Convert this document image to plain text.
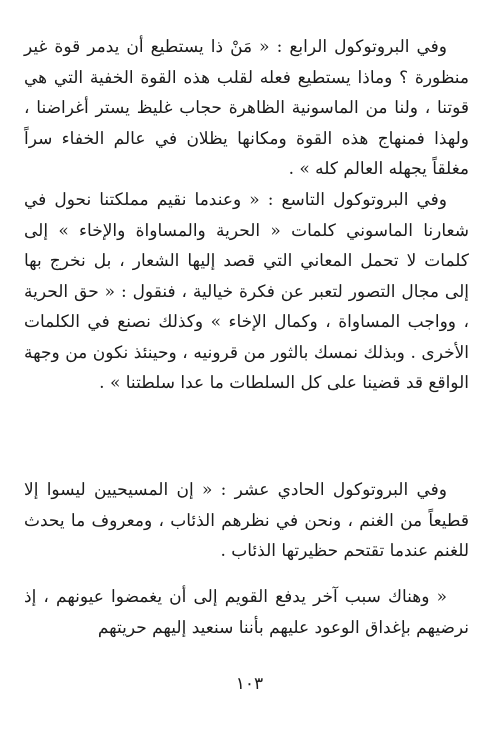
وفي البروتوكول الرابع : « مَنْ ذا يستطيع أن يدمر قوة غير منظورة ؟ وماذا يستطيع فعله لقلب هذه القوة الخفية التي هي قوتنا ، ولنا من الماسونية الظاهرة حجاب غليظ يستر أغراضنا ، ولهذا فمنهاج هذه القوة ومكانها يظلان في عالم الخفاء سراً مغلقاً يجهله العالم كله » .

وفي البروتوكول التاسع : « وعندما نقيم مملكتنا نحول في شعارنا الماسوني كلمات « الحرية والمساواة والإخاء » إلى كلمات لا تحمل المعاني التي قصد إليها الشعار ، بل نخرج بها إلى مجال التصور لتعبر عن فكرة خيالية ، فنقول : « حق الحرية ، وواجب المساواة ، وكمال الإخاء » وكذلك نصنع في الكلمات الأخرى . وبذلك نمسك بالثور من قرونيه ، وحينئذ نكون من وجهة الواقع قد قضينا على كل السلطات ما عدا سلطتنا » .

وفي البروتوكول الحادي عشر : « إن المسيحيين ليسوا إلا قطيعاً من الغنم ، ونحن في نظرهم الذئاب ، ومعروف ما يحدث للغنم عندما تقتحم حظيرتها الذئاب .

« وهناك سبب آخر يدفع القويم إلى أن يغمضوا عيونهم ، إذ نرضيهم بإغداق الوعود عليهم بأننا سنعيد إليهم حريتهم

١٠٣
